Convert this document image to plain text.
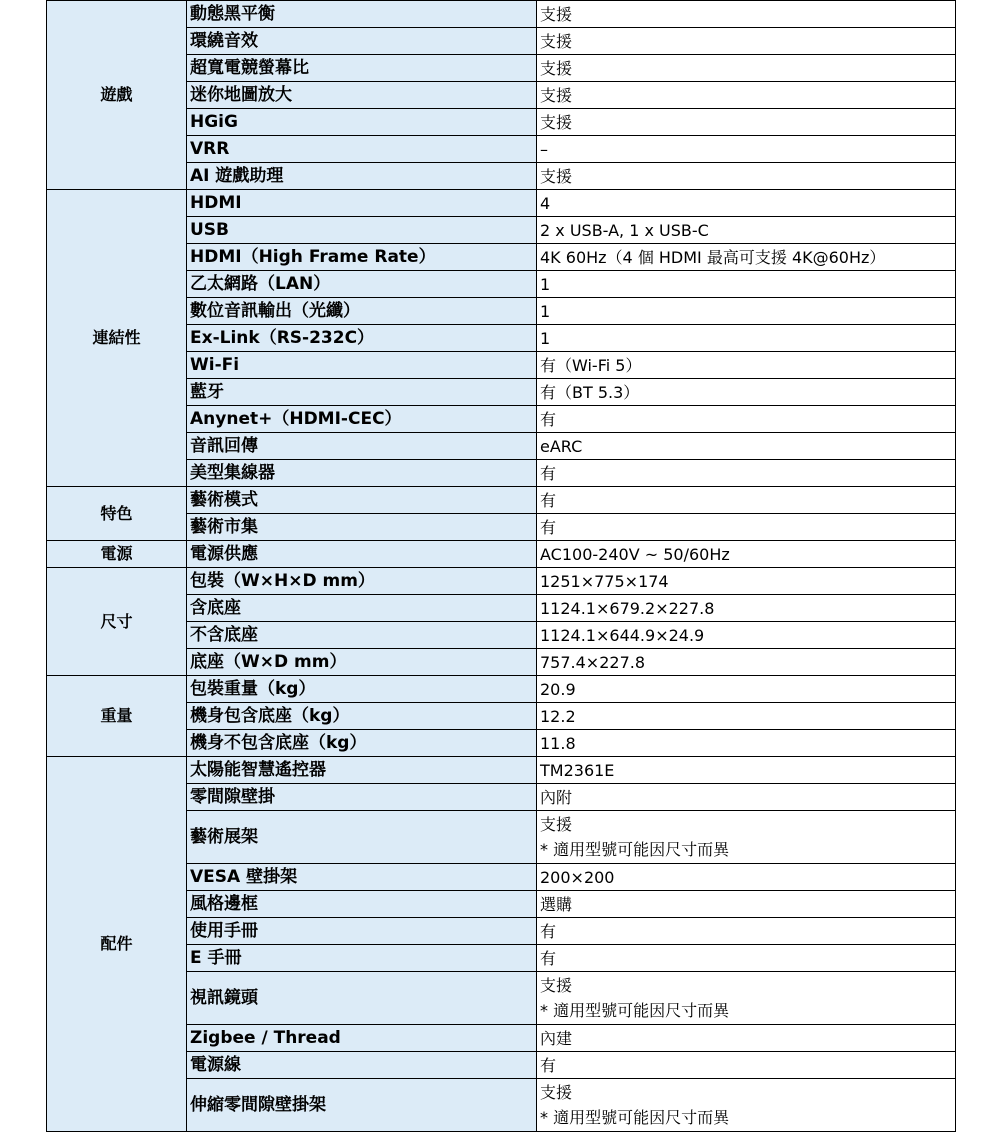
遊戲	動態黑平衡	支援

	環繞音效	支援

	超寬電競螢幕比	支援

	迷你地圖放大	支援

	HGiG	支援

	VRR	–

	AI 遊戲助理	支援

連結性	HDMI	4

	USB	2 x USB-A, 1 x USB-C

	HDMI（High Frame Rate）	4K 60Hz（4 個 HDMI 最高可支援 4K@60Hz）

	乙太網路（LAN）	1

	數位音訊輸出（光纖）	1

	Ex-Link（RS-232C）	1

	Wi-Fi	有（Wi-Fi 5）

	藍牙	有（BT 5.3）

	Anynet+（HDMI-CEC）	有

	音訊回傳	eARC

	美型集線器	有

特色	藝術模式	有

	藝術市集	有

電源	電源供應	AC100-240V ~ 50/60Hz

尺寸	包裝（W×H×D mm）	1251×775×174

	含底座	1124.1×679.2×227.8

	不含底座	1124.1×644.9×24.9

	底座（W×D mm）	757.4×227.8

重量	包裝重量（kg）	20.9

	機身包含底座（kg）	12.2

	機身不包含底座（kg）	11.8

配件	太陽能智慧遙控器	TM2361E

	零間隙壁掛	內附

	藝術展架	支援
* 適用型號可能因尺寸而異

	VESA 壁掛架	200×200

	風格邊框	選購

	使用手冊	有

	E 手冊	有

	視訊鏡頭	支援
* 適用型號可能因尺寸而異

	Zigbee / Thread	內建

	電源線	有

	伸縮零間隙壁掛架	支援
* 適用型號可能因尺寸而異
